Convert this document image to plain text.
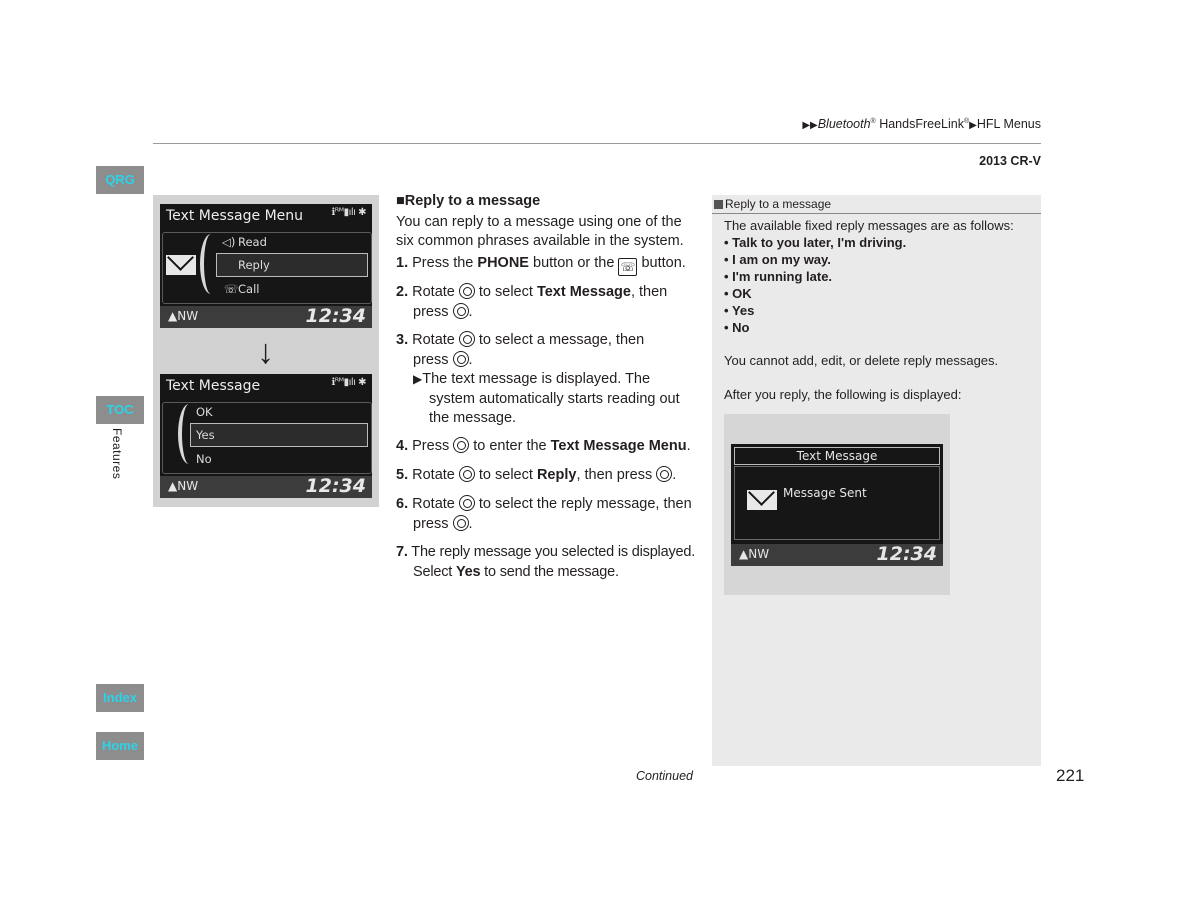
▶▶Bluetooth® HandsFreeLink®▶HFL Menus
2013 CR-V
QRG
TOC
Features
Index
Home
Text Message Menu	ℹ︎ᴿᴹ▮ılı ✱
◁) Read
Reply
☏ Call
▲NW	12:34
↓
Text Message	ℹ︎ᴿᴹ▮ılı ✱
OK
Yes
No
▲NW	12:34
■Reply to a message
You can reply to a message using one of the
six common phrases available in the system.
1. Press the PHONE button or the ☏ button.
2. Rotate  to select Text Message, then
press .
3. Rotate  to select a message, then
press .
▶The text message is displayed. The
system automatically starts reading out
the message.
4. Press  to enter the Text Message Menu.
5. Rotate  to select Reply, then press .
6. Rotate  to select the reply message, then
press .
7. The reply message you selected is displayed.
Select Yes to send the message.
Continued	221
Reply to a message
The available fixed reply messages are as follows:
• Talk to you later, I'm driving.
• I am on my way.
• I'm running late.
• OK
• Yes
• No
You cannot add, edit, or delete reply messages.
After you reply, the following is displayed:
Text Message
Message Sent
▲NW	12:34
